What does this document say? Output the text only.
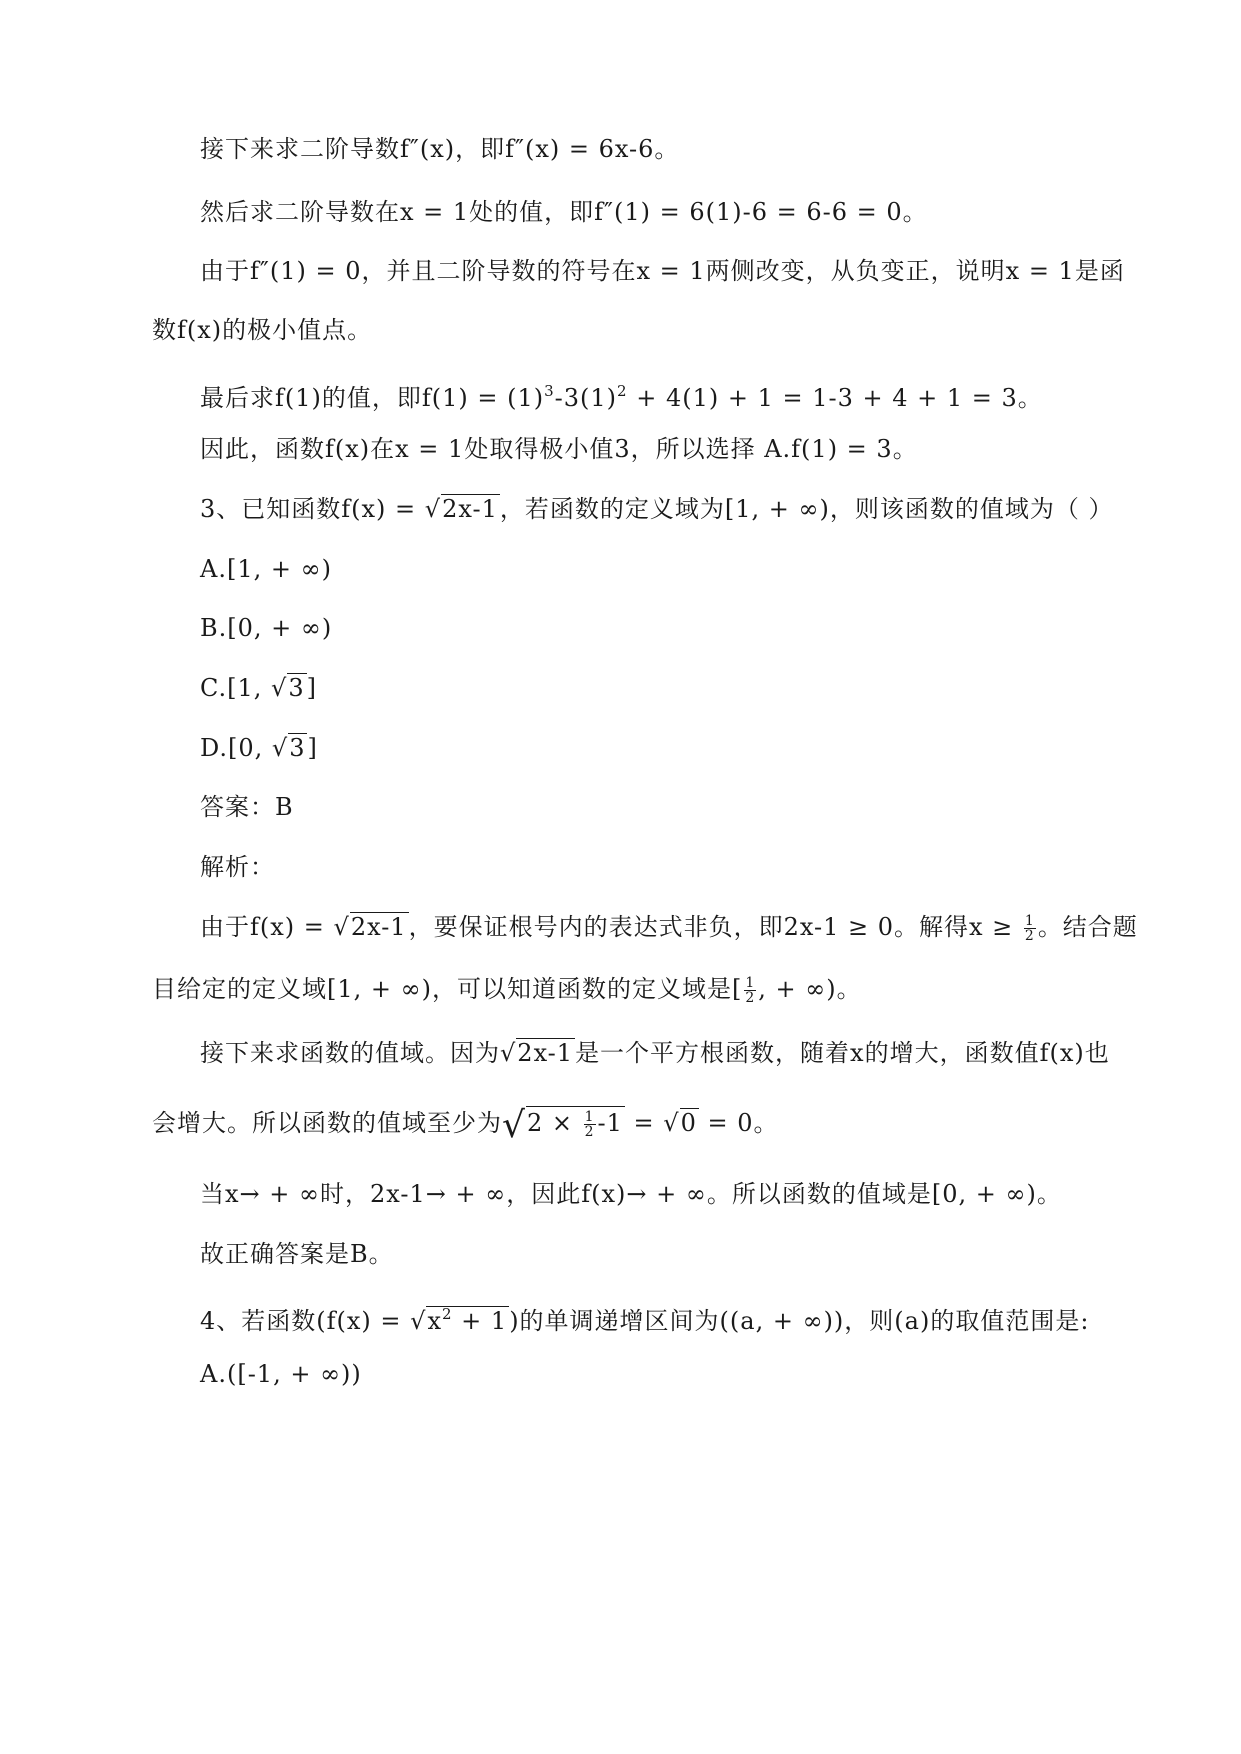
接下来求二阶导数f″(x)，即f″(x) = 6x-6。
然后求二阶导数在x = 1处的值，即f″(1) = 6(1)-6 = 6-6 = 0。
由于f″(1) = 0，并且二阶导数的符号在x = 1两侧改变，从负变正，说明x = 1是函
数f(x)的极小值点。
最后求f(1)的值，即$f(1) = (1)^3-3(1)^2 + 4(1) + 1 = 1-3 + 4 + 1 = 3$。
因此，函数f(x)在x = 1处取得极小值3，所以选择 A.f(1) = 3。
3、已知函数f(x) = √2x-1，若函数的定义域为[1, + ∞)，则该函数的值域为（ ）
A.[1, + ∞)
B.[0, + ∞)
C.[1, √3]
D.[0, √3]
答案：B
解析：
由于f(x) = √2x-1，要保证根号内的表达式非负，即2x-1 ≥ 0。解得$x \ge \frac{1}{2}$ 。结合题
目给定的定义域[1, + ∞)，可以知道函数的定义域是[ $\frac{1}{2}$ , + ∞)。
接下来求函数的值域。因为√2x-1是一个平方根函数，随着x的增大，函数值f(x)也
会增大。所以函数的值域至少为$√2 \times \frac{1}{2} -1 = √0 = 0$。
当x→ + ∞时，2x-1→ + ∞，因此f(x)→ + ∞。所以函数的值域是[0, + ∞)。
故正确答案是B。
4、若函数$(f(x) = √x^2 + 1)$的单调递增区间为((a, + ∞))，则(a)的取值范围是:
A.([-1, + ∞))
